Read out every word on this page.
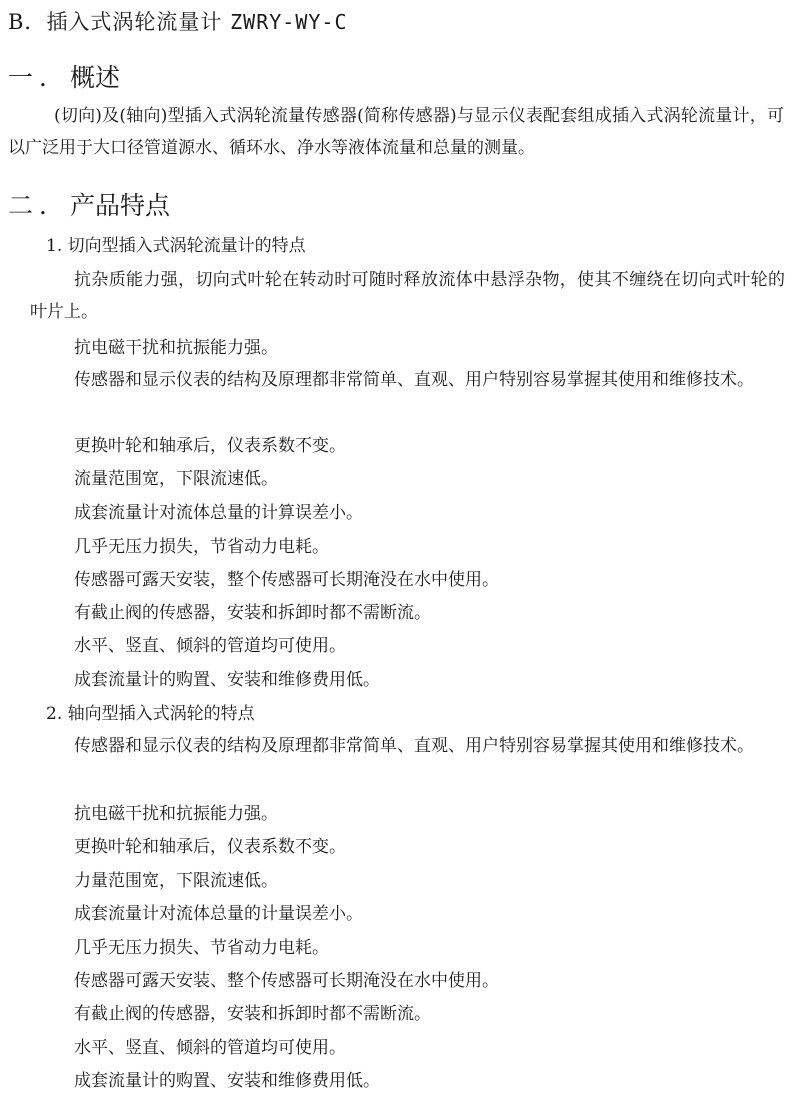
B．插入式涡轮流量计 ZWRY-WY-C
一．概述
(切向)及(轴向)型插入式涡轮流量传感器(简称传感器)与显示仪表配套组成插入式涡轮流量计，可以广泛用于大口径管道源水、循环水、净水等液体流量和总量的测量。
二．产品特点
1. 切向型插入式涡轮流量计的特点
抗杂质能力强，切向式叶轮在转动时可随时释放流体中悬浮杂物，使其不缠绕在切向式叶轮的叶片上。
抗电磁干扰和抗振能力强。
传感器和显示仪表的结构及原理都非常简单、直观、用户特别容易掌握其使用和维修技术。
更换叶轮和轴承后，仪表系数不变。
流量范围宽，下限流速低。
成套流量计对流体总量的计算误差小。
几乎无压力损失，节省动力电耗。
传感器可露天安装，整个传感器可长期淹没在水中使用。
有截止阀的传感器，安装和拆卸时都不需断流。
水平、竖直、倾斜的管道均可使用。
成套流量计的购置、安装和维修费用低。
2. 轴向型插入式涡轮的特点
传感器和显示仪表的结构及原理都非常简单、直观、用户特别容易掌握其使用和维修技术。
抗电磁干扰和抗振能力强。
更换叶轮和轴承后，仪表系数不变。
力量范围宽，下限流速低。
成套流量计对流体总量的计量误差小。
几乎无压力损失、节省动力电耗。
传感器可露天安装、整个传感器可长期淹没在水中使用。
有截止阀的传感器，安装和拆卸时都不需断流。
水平、竖直、倾斜的管道均可使用。
成套流量计的购置、安装和维修费用低。
